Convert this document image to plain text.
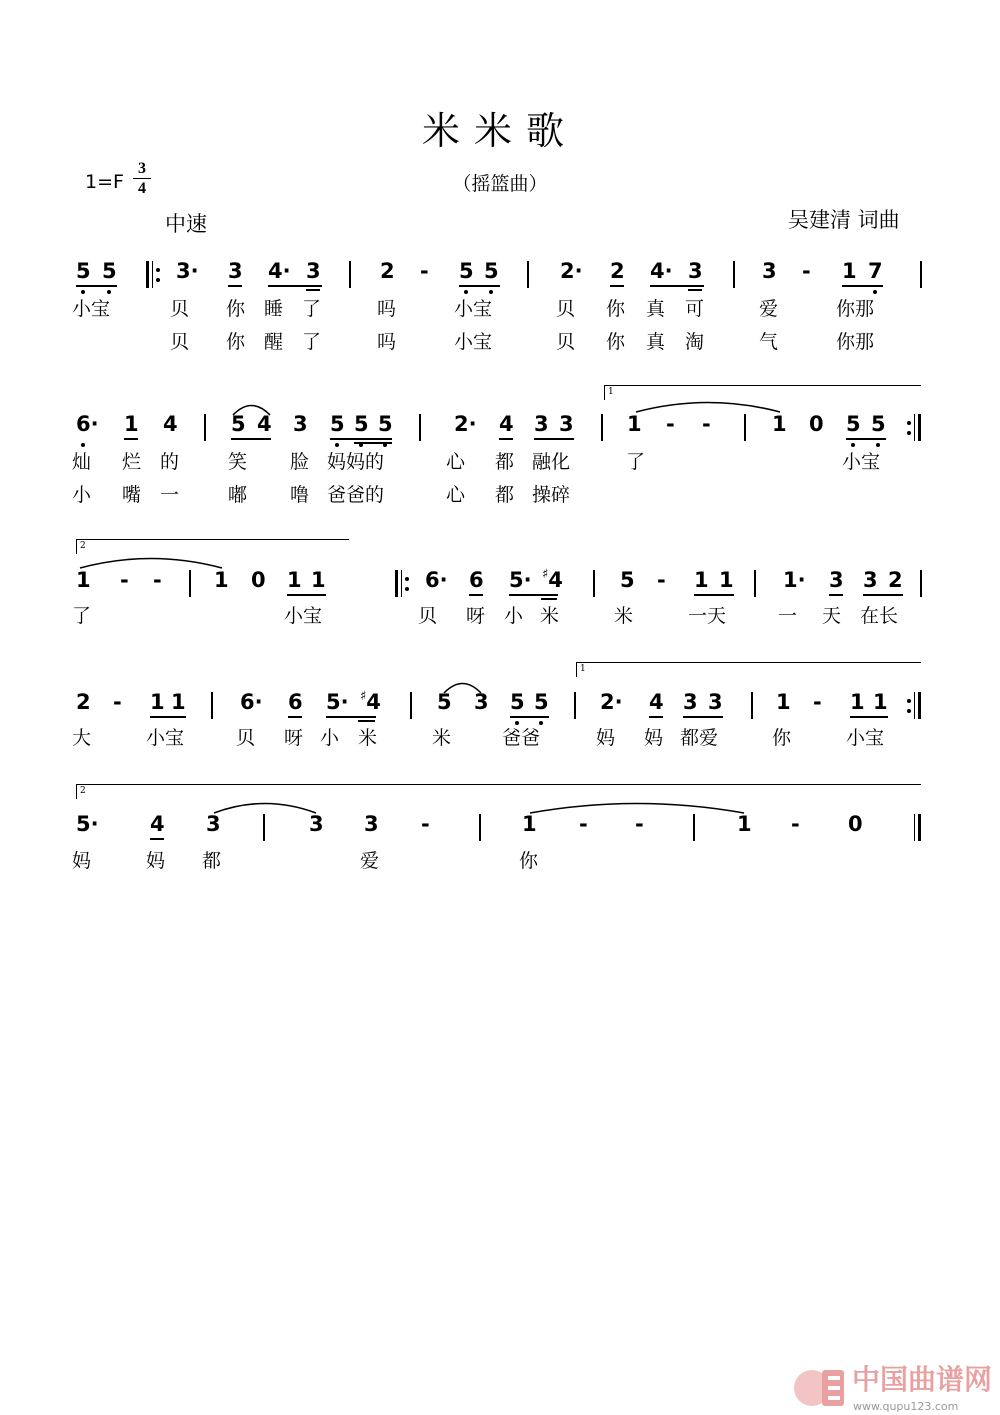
米米歌
（摇篮曲）
1=F
3
4
中速	吴建清 词曲
5 5	3· 3 4· 3	2 - 5 5	2· 2 4· 3	3 - 1 7
小宝	贝 你 睡 了	吗	小宝	贝 你 真 可	爱	你那
贝 你 醒 了	吗	小宝	贝 你 真 淘	气	你那
6· 1 4	5 4 3 5 5 5	2· 4 3 3	1 - -	1 0 5 5
1
灿 烂 的	笑 脸 妈妈的	心 都 融化	了	小宝
小 嘴 一	嘟 噜 爸爸的	心 都 操碎
1 - - 1 0 1 1	6· 6 5· ♯4	5 - 1 1 1· 3 3 2
2
了	小宝	贝 呀 小 米	米	一天	一 天 在长
2 - 1 1	6· 6 5· ♯4	5 3 5 5 2· 4 3 3	1 - 1 1
1
大	小宝	贝 呀 小 米	米	爸爸	妈 妈 都爱	你	小宝
5· 4 3	3 3 -	1 - -	1 - 0
2
妈	妈 都	爱	你
中国曲谱网
www.qupu123.com
